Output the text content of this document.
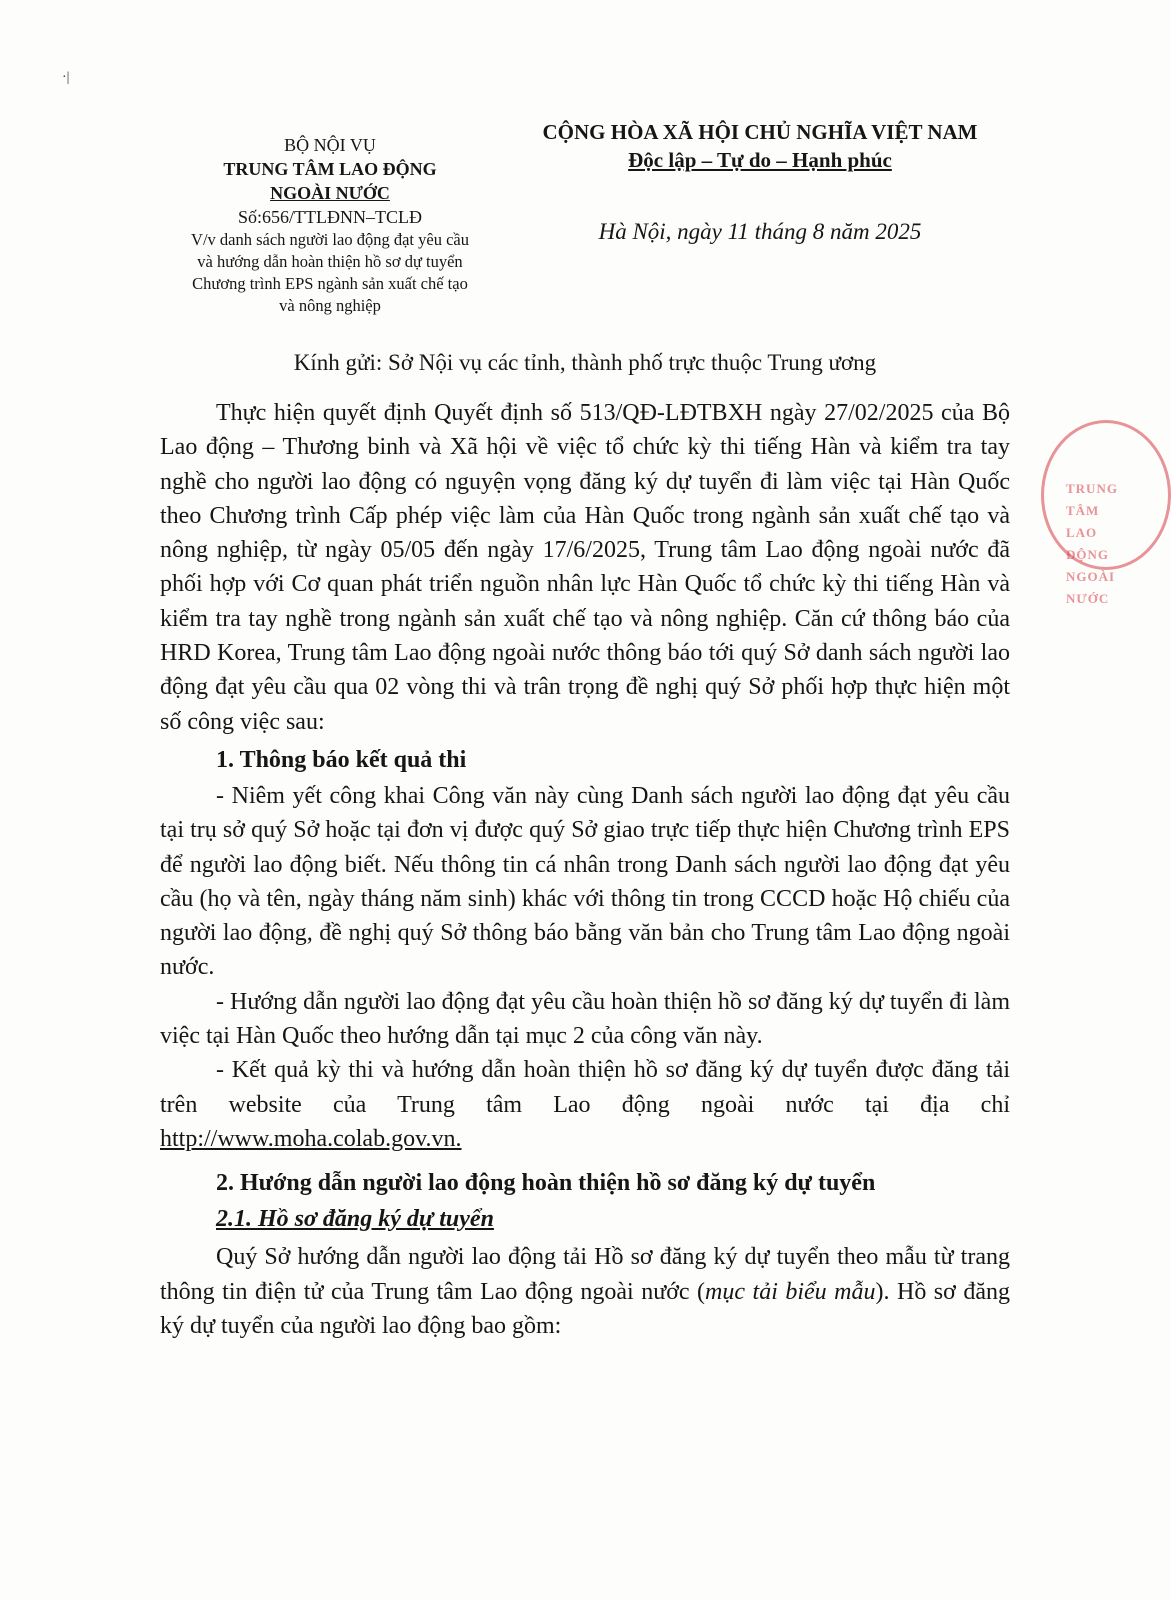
·|
BỘ NỘI VỤ
TRUNG TÂM LAO ĐỘNG
NGOÀI NƯỚC
Số:656/TTLĐNN–TCLĐ
V/v danh sách người lao động đạt yêu cầu
và hướng dẫn hoàn thiện hồ sơ dự tuyển
Chương trình EPS ngành sản xuất chế tạo
và nông nghiệp
CỘNG HÒA XÃ HỘI CHỦ NGHĨA VIỆT NAM
Độc lập – Tự do – Hạnh phúc
Hà Nội, ngày 11 tháng 8 năm 2025
Kính gửi: Sở Nội vụ các tỉnh, thành phố trực thuộc Trung ương

Thực hiện quyết định Quyết định số 513/QĐ-LĐTBXH ngày 27/02/2025 của Bộ Lao động – Thương binh và Xã hội về việc tổ chức kỳ thi tiếng Hàn và kiểm tra tay nghề cho người lao động có nguyện vọng đăng ký dự tuyển đi làm việc tại Hàn Quốc theo Chương trình Cấp phép việc làm của Hàn Quốc trong ngành sản xuất chế tạo và nông nghiệp, từ ngày 05/05 đến ngày 17/6/2025, Trung tâm Lao động ngoài nước đã phối hợp với Cơ quan phát triển nguồn nhân lực Hàn Quốc tổ chức kỳ thi tiếng Hàn và kiểm tra tay nghề trong ngành sản xuất chế tạo và nông nghiệp. Căn cứ thông báo của HRD Korea, Trung tâm Lao động ngoài nước thông báo tới quý Sở danh sách người lao động đạt yêu cầu qua 02 vòng thi và trân trọng đề nghị quý Sở phối hợp thực hiện một số công việc sau:

1. Thông báo kết quả thi

- Niêm yết công khai Công văn này cùng Danh sách người lao động đạt yêu cầu tại trụ sở quý Sở hoặc tại đơn vị được quý Sở giao trực tiếp thực hiện Chương trình EPS để người lao động biết. Nếu thông tin cá nhân trong Danh sách người lao động đạt yêu cầu (họ và tên, ngày tháng năm sinh) khác với thông tin trong CCCD hoặc Hộ chiếu của người lao động, đề nghị quý Sở thông báo bằng văn bản cho Trung tâm Lao động ngoài nước.

- Hướng dẫn người lao động đạt yêu cầu hoàn thiện hồ sơ đăng ký dự tuyển đi làm việc tại Hàn Quốc theo hướng dẫn tại mục 2 của công văn này.

- Kết quả kỳ thi và hướng dẫn hoàn thiện hồ sơ đăng ký dự tuyển được đăng tải trên website của Trung tâm Lao động ngoài nước tại địa chỉ http://www.moha.colab.gov.vn.

2. Hướng dẫn người lao động hoàn thiện hồ sơ đăng ký dự tuyển
2.1. Hồ sơ đăng ký dự tuyển

Quý Sở hướng dẫn người lao động tải Hồ sơ đăng ký dự tuyển theo mẫu từ trang thông tin điện tử của Trung tâm Lao động ngoài nước (mục tải biểu mẫu). Hồ sơ đăng ký dự tuyển của người lao động bao gồm:

TRUNG TÂM LAO ĐỘNG NGOÀI NƯỚC
